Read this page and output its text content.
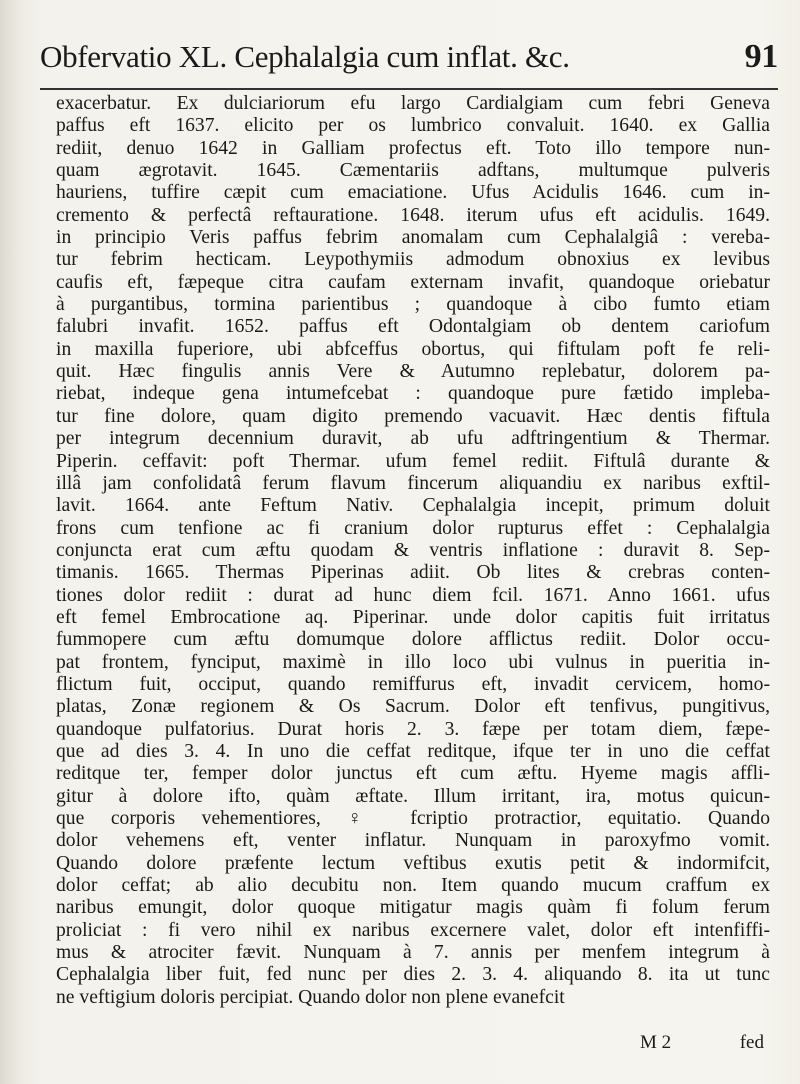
Obfervatio XL. Cephalalgia cum inflat. &c.	91
exacerbatur. Ex dulciariorum efu largo Cardialgiam cum febri Geneva
paffus eft 1637. elicito per os lumbrico convaluit. 1640. ex Gallia
rediit, denuo 1642 in Galliam profectus eft. Toto illo tempore nun-
quam ægrotavit. 1645. Cæmentariis adftans, multumque pulveris
hauriens, tuffire cæpit cum emaciatione. Ufus Acidulis 1646. cum in-
cremento & perfectâ reftauratione. 1648. iterum ufus eft acidulis. 1649.
in principio Veris paffus febrim anomalam cum Cephalalgiâ : vereba-
tur febrim hecticam. Leypothymiis admodum obnoxius ex levibus
caufis eft, fæpeque citra caufam externam invafit, quandoque oriebatur
à purgantibus, tormina parientibus ; quandoque à cibo fumto etiam
falubri invafit. 1652. paffus eft Odontalgiam ob dentem cariofum
in maxilla fuperiore, ubi abfceffus obortus, qui fiftulam poft fe reli-
quit. Hæc fingulis annis Vere & Autumno replebatur, dolorem pa-
riebat, indeque gena intumefcebat : quandoque pure fætido impleba-
tur fine dolore, quam digito premendo vacuavit. Hæc dentis fiftula
per integrum decennium duravit, ab ufu adftringentium & Thermar.
Piperin. ceffavit: poft Thermar. ufum femel rediit. Fiftulâ durante &
illâ jam confolidatâ ferum flavum fincerum aliquandiu ex naribus exftil-
lavit. 1664. ante Feftum Nativ. Cephalalgia incepit, primum doluit
frons cum tenfione ac fi cranium dolor rupturus effet : Cephalalgia
conjuncta erat cum æftu quodam & ventris inflatione : duravit 8. Sep-
timanis. 1665. Thermas Piperinas adiit. Ob lites & crebras conten-
tiones dolor rediit : durat ad hunc diem fcil. 1671. Anno 1661. ufus
eft femel Embrocatione aq. Piperinar. unde dolor capitis fuit irritatus
fummopere cum æftu domumque dolore afflictus rediit. Dolor occu-
pat frontem, fynciput, maximè in illo loco ubi vulnus in pueritia in-
flictum fuit, occiput, quando remiffurus eft, invadit cervicem, homo-
platas, Zonæ regionem & Os Sacrum. Dolor eft tenfivus, pungitivus,
quandoque pulfatorius. Durat horis 2. 3. fæpe per totam diem, fæpe-
que ad dies 3. 4. In uno die ceffat reditque, ifque ter in uno die ceffat
reditque ter, femper dolor junctus eft cum æftu. Hyeme magis affli-
gitur à dolore ifto, quàm æftate. Illum irritant, ira, motus quicun-
que corporis vehementiores, ♀ fcriptio protractior, equitatio. Quando
dolor vehemens eft, venter inflatur. Nunquam in paroxyfmo vomit.
Quando dolore præfente lectum veftibus exutis petit & indormifcit,
dolor ceffat; ab alio decubitu non. Item quando mucum craffum ex
naribus emungit, dolor quoque mitigatur magis quàm fi folum ferum
proliciat : fi vero nihil ex naribus excernere valet, dolor eft intenfiffi-
mus & atrociter fævit. Nunquam à 7. annis per menfem integrum à
Cephalalgia liber fuit, fed nunc per dies 2. 3. 4. aliquando 8. ita ut tunc
ne veftigium doloris percipiat. Quando dolor non plene evanefcit
M 2	fed
